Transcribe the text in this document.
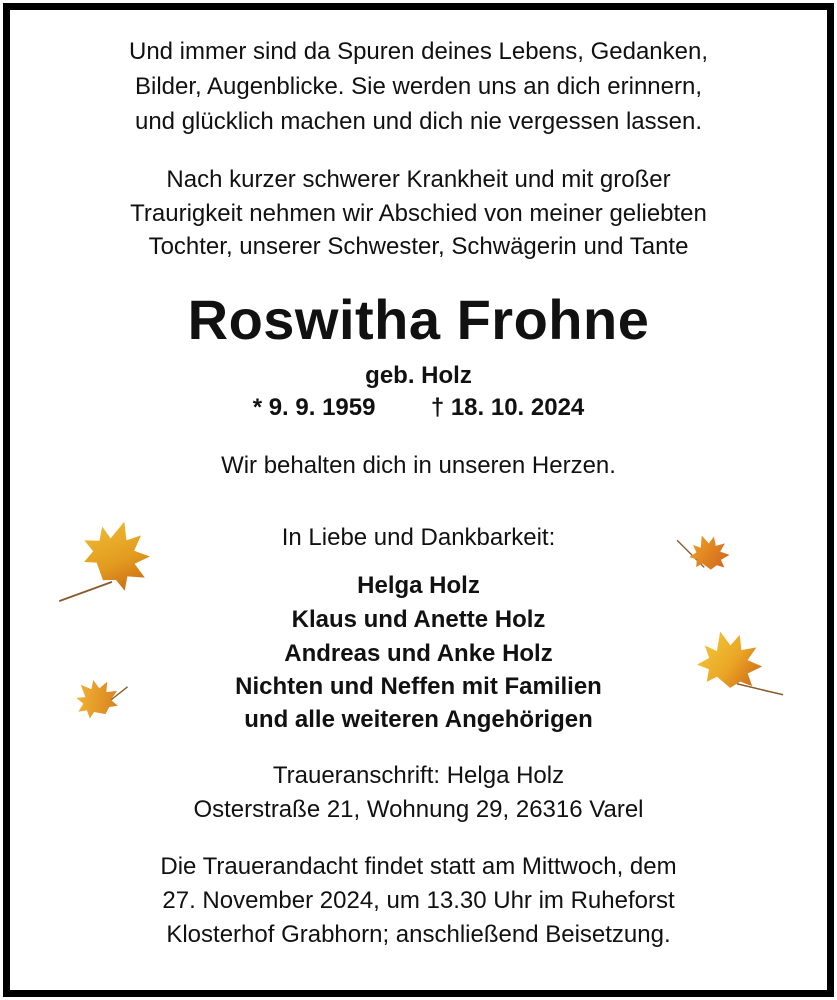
Und immer sind da Spuren deines Lebens, Gedanken,
Bilder, Augenblicke. Sie werden uns an dich erinnern,
und glücklich machen und dich nie vergessen lassen.
Nach kurzer schwerer Krankheit und mit großer
Traurigkeit nehmen wir Abschied von meiner geliebten
Tochter, unserer Schwester, Schwägerin und Tante
Roswitha Frohne
geb. Holz
* 9. 9. 1959 † 18. 10. 2024
Wir behalten dich in unseren Herzen.
In Liebe und Dankbarkeit:
Helga Holz
Klaus und Anette Holz
Andreas und Anke Holz
Nichten und Neffen mit Familien
und alle weiteren Angehörigen
Traueranschrift: Helga Holz
Osterstraße 21, Wohnung 29, 26316 Varel
Die Trauerandacht findet statt am Mittwoch, dem
27. November 2024, um 13.30 Uhr im Ruheforst
Klosterhof Grabhorn; anschließend Beisetzung.
